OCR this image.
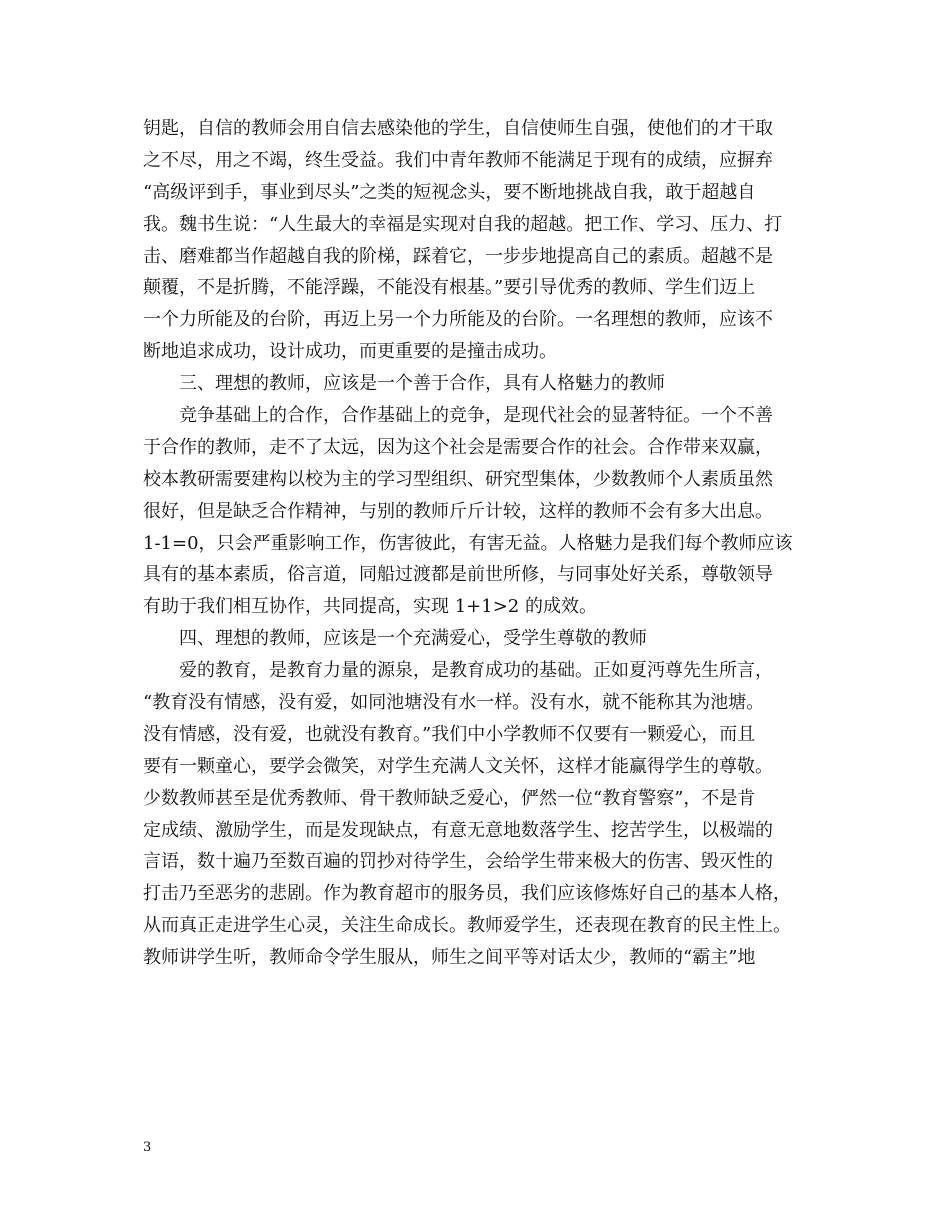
钥匙，自信的教师会用自信去感染他的学生，自信使师生自强，使他们的才干取
之不尽，用之不竭，终生受益。我们中青年教师不能满足于现有的成绩，应摒弃
“高级评到手，事业到尽头”之类的短视念头，要不断地挑战自我，敢于超越自
我。魏书生说：“人生最大的幸福是实现对自我的超越。把工作、学习、压力、打
击、磨难都当作超越自我的阶梯，踩着它，一步步地提高自己的素质。超越不是
颠覆，不是折腾，不能浮躁，不能没有根基。”要引导优秀的教师、学生们迈上
一个力所能及的台阶，再迈上另一个力所能及的台阶。一名理想的教师，应该不
断地追求成功，设计成功，而更重要的是撞击成功。
三、理想的教师，应该是一个善于合作，具有人格魅力的教师
竞争基础上的合作，合作基础上的竞争，是现代社会的显著特征。一个不善
于合作的教师，走不了太远，因为这个社会是需要合作的社会。合作带来双赢，
校本教研需要建构以校为主的学习型组织、研究型集体，少数教师个人素质虽然
很好，但是缺乏合作精神，与别的教师斤斤计较，这样的教师不会有多大出息。
1-1=0，只会严重影响工作，伤害彼此，有害无益。人格魅力是我们每个教师应该
具有的基本素质，俗言道，同船过渡都是前世所修，与同事处好关系，尊敬领导
有助于我们相互协作，共同提高，实现 1+1>2 的成效。
四、理想的教师，应该是一个充满爱心，受学生尊敬的教师
爱的教育，是教育力量的源泉，是教育成功的基础。正如夏沔尊先生所言，
“教育没有情感，没有爱，如同池塘没有水一样。没有水，就不能称其为池塘。
没有情感，没有爱，也就没有教育。”我们中小学教师不仅要有一颗爱心，而且
要有一颗童心，要学会微笑，对学生充满人文关怀，这样才能赢得学生的尊敬。
少数教师甚至是优秀教师、骨干教师缺乏爱心，俨然一位“教育警察”，不是肯
定成绩、激励学生，而是发现缺点，有意无意地数落学生、挖苦学生，以极端的
言语，数十遍乃至数百遍的罚抄对待学生，会给学生带来极大的伤害、毁灭性的
打击乃至恶劣的悲剧。作为教育超市的服务员，我们应该修炼好自己的基本人格，
从而真正走进学生心灵，关注生命成长。教师爱学生，还表现在教育的民主性上。
教师讲学生听，教师命令学生服从，师生之间平等对话太少，教师的“霸主”地
3
